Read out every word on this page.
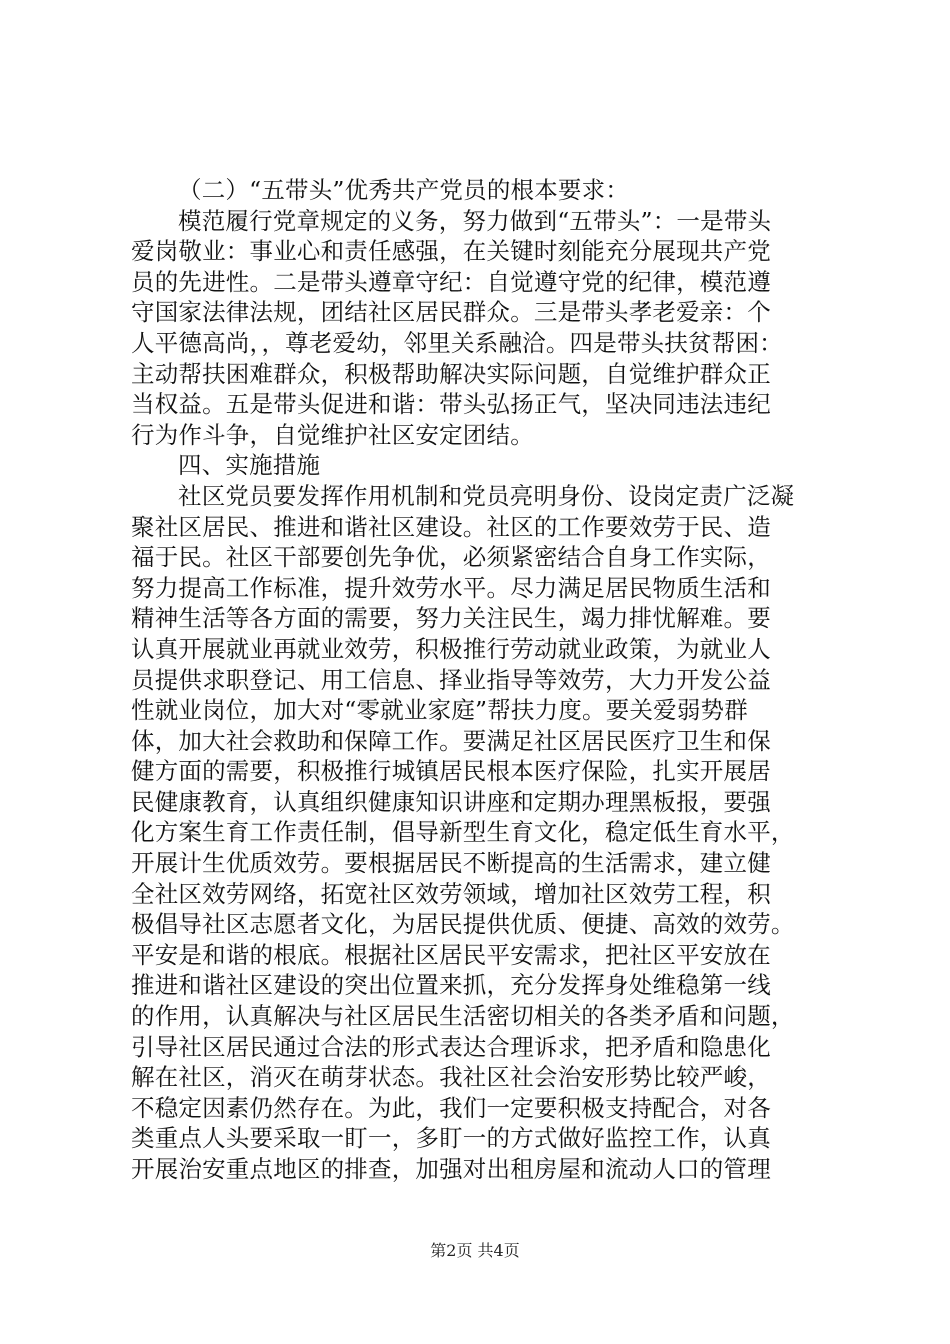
（二）“五带头”优秀共产党员的根本要求：
模范履行党章规定的义务，努力做到“五带头”：一是带头
爱岗敬业：事业心和责任感强，在关键时刻能充分展现共产党
员的先进性。二是带头遵章守纪：自觉遵守党的纪律，模范遵
守国家法律法规，团结社区居民群众。三是带头孝老爱亲：个
人平德高尚，，尊老爱幼，邻里关系融洽。四是带头扶贫帮困：
主动帮扶困难群众，积极帮助解决实际问题，自觉维护群众正
当权益。五是带头促进和谐：带头弘扬正气，坚决同违法违纪
行为作斗争，自觉维护社区安定团结。
四、实施措施
社区党员要发挥作用机制和党员亮明身份、设岗定责广泛凝
聚社区居民、推进和谐社区建设。社区的工作要效劳于民、造
福于民。社区干部要创先争优，必须紧密结合自身工作实际，
努力提高工作标准，提升效劳水平。尽力满足居民物质生活和
精神生活等各方面的需要，努力关注民生，竭力排忧解难。要
认真开展就业再就业效劳，积极推行劳动就业政策，为就业人
员提供求职登记、用工信息、择业指导等效劳，大力开发公益
性就业岗位，加大对“零就业家庭”帮扶力度。要关爱弱势群
体，加大社会救助和保障工作。要满足社区居民医疗卫生和保
健方面的需要，积极推行城镇居民根本医疗保险，扎实开展居
民健康教育，认真组织健康知识讲座和定期办理黑板报，要强
化方案生育工作责任制，倡导新型生育文化，稳定低生育水平，
开展计生优质效劳。要根据居民不断提高的生活需求，建立健
全社区效劳网络，拓宽社区效劳领域，增加社区效劳工程，积
极倡导社区志愿者文化，为居民提供优质、便捷、高效的效劳。
平安是和谐的根底。根据社区居民平安需求，把社区平安放在
推进和谐社区建设的突出位置来抓，充分发挥身处维稳第一线
的作用，认真解决与社区居民生活密切相关的各类矛盾和问题，
引导社区居民通过合法的形式表达合理诉求，把矛盾和隐患化
解在社区，消灭在萌芽状态。我社区社会治安形势比较严峻，
不稳定因素仍然存在。为此，我们一定要积极支持配合，对各
类重点人头要采取一盯一，多盯一的方式做好监控工作，认真
开展治安重点地区的排查，加强对出租房屋和流动人口的管理
第2页 共4页
